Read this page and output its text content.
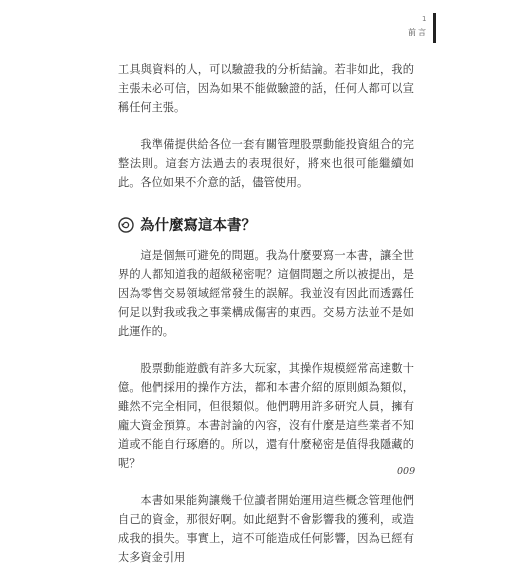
1
前言

工具與資料的人，可以驗證我的分析結論。若非如此，我的主張未必可信，因為如果不能做驗證的話，任何人都可以宣稱任何主張。

我準備提供給各位一套有關管理股票動能投資組合的完整法則。這套方法過去的表現很好，將來也很可能繼續如此。各位如果不介意的話，儘管使用。

為什麼寫這本書？

這是個無可避免的問題。我為什麼要寫一本書，讓全世界的人都知道我的超級秘密呢？這個問題之所以被提出，是因為零售交易領域經常發生的誤解。我並沒有因此而透露任何足以對我或我之事業構成傷害的東西。交易方法並不是如此運作的。

股票動能遊戲有許多大玩家，其操作規模經常高達數十億。他們採用的操作方法，都和本書介紹的原則頗為類似，雖然不完全相同，但很類似。他們聘用許多研究人員，擁有龐大資金預算。本書討論的內容，沒有什麼是這些業者不知道或不能自行琢磨的。所以，還有什麼秘密是值得我隱藏的呢？

本書如果能夠讓幾千位讀者開始運用這些概念管理他們自己的資金，那很好啊。如此絕對不會影響我的獲利，或造成我的損失。事實上，這不可能造成任何影響，因為已經有太多資金引用

009
